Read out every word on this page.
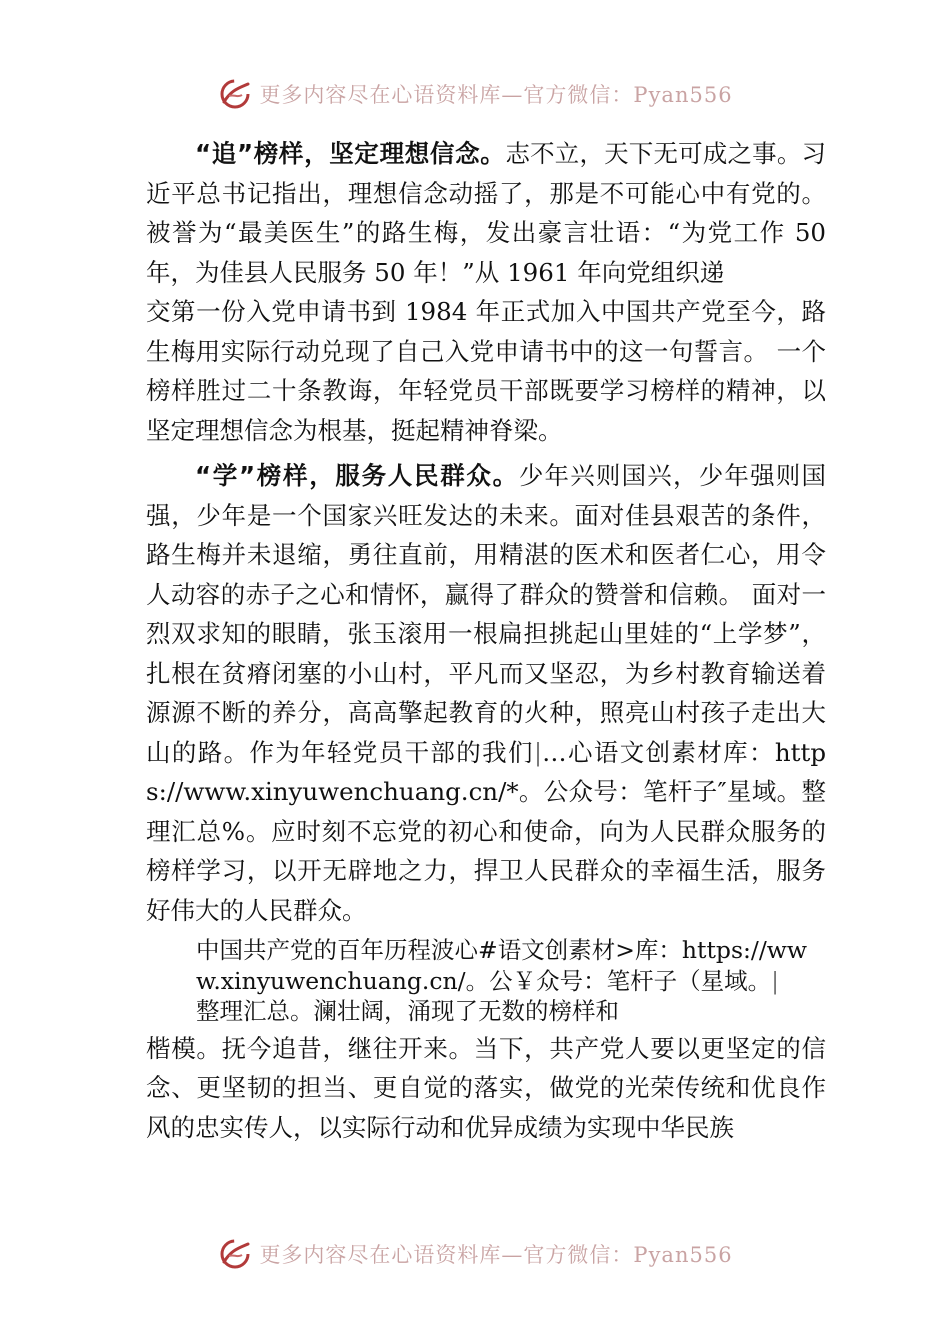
更多内容尽在心语资料库—官方微信：Pyan556

“追”榜样，坚定理想信念。志不立，天下无可成之事。习近平总书记指出，理想信念动摇了，那是不可能心中有党的。被誉为“最美医生”的路生梅，发出豪言壮语：“为党工作 50 年，为佳县人民服务 50 年！”从 1961 年向党组织递

交第一份入党申请书到 1984 年正式加入中国共产党至今，路生梅用实际行动兑现了自己入党申请书中的这一句誓言。 一个榜样胜过二十条教诲，年轻党员干部既要学习榜样的精神，以坚定理想信念为根基，挺起精神脊梁。

“学”榜样，服务人民群众。少年兴则国兴，少年强则国强，少年是一个国家兴旺发达的未来。面对佳县艰苦的条件，路生梅并未退缩，勇往直前，用精湛的医术和医者仁心，用令人动容的赤子之心和情怀，赢得了群众的赞誉和信赖。 面对一烈双求知的眼睛，张玉滚用一根扁担挑起山里娃的“上学梦”，扎根在贫瘠闭塞的小山村，平凡而又坚忍，为乡村教育输送着源源不断的养分，高高擎起教育的火种，照亮山村孩子走出大山的路。作为年轻党员干部的我们|…心语文创素材库：https://www.xinyuwenchuang.cn/*。公众号：笔杆子″星域。整理汇总%。应时刻不忘党的初心和使命，向为人民群众服务的榜样学习，以开无辟地之力，捍卫人民群众的幸福生活，服务好伟大的人民群众。

中国共产党的百年历程波心#语文创素材>库：https://www.xinyuwenchuang.cn/。公￥众号：笔杆子（星域。|
整理汇总。澜壮阔，涌现了无数的榜样和

楷模。抚今追昔，继往开来。当下，共产党人要以更坚定的信念、更坚韧的担当、更自觉的落实，做党的光荣传统和优良作风的忠实传人，以实际行动和优异成绩为实现中华民族

更多内容尽在心语资料库—官方微信：Pyan556
